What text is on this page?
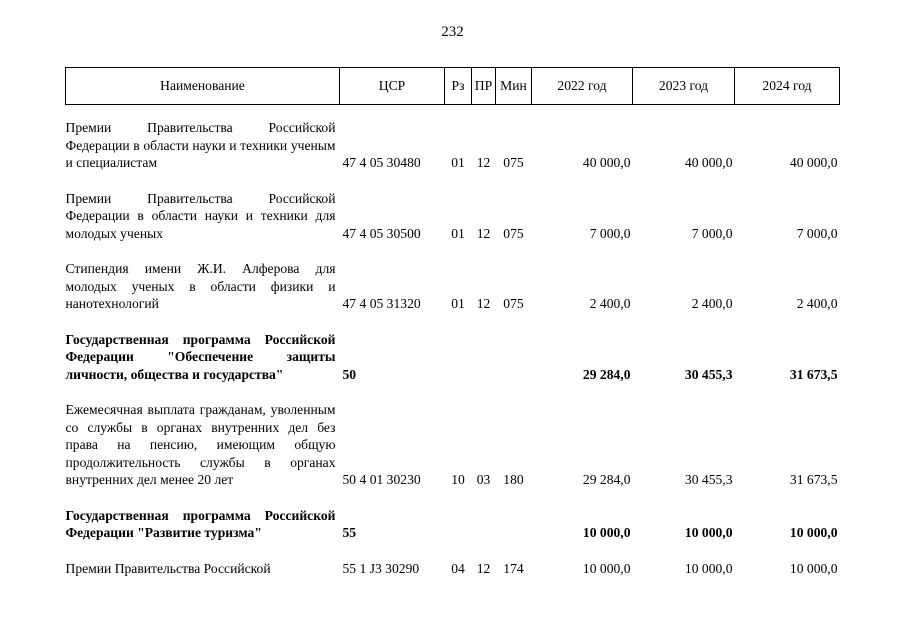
232
Наименование	ЦСР	Рз	ПР	Мин	2022 год	2023 год	2024 год

Премии Правительства Российской Федерации в области науки и техники ученым и специалистам	47 4 05 30480	01	12	075	40 000,0	40 000,0	40 000,0

Премии Правительства Российской Федерации в области науки и техники для молодых ученых	47 4 05 30500	01	12	075	7 000,0	7 000,0	7 000,0

Стипендия имени Ж.И. Алферова для молодых ученых в области физики и нанотехнологий	47 4 05 31320	01	12	075	2 400,0	2 400,0	2 400,0

Государственная программа Российской Федерации "Обеспечение защиты личности, общества и государства"	50				29 284,0	30 455,3	31 673,5

Ежемесячная выплата гражданам, уволенным со службы в органах внутренних дел без права на пенсию, имеющим общую продолжительность службы в органах внутренних дел менее 20 лет	50 4 01 30230	10	03	180	29 284,0	30 455,3	31 673,5

Государственная программа Российской Федерации "Развитие туризма"	55				10 000,0	10 000,0	10 000,0

Премии Правительства Российской	55 1 J3 30290	04	12	174	10 000,0	10 000,0	10 000,0
